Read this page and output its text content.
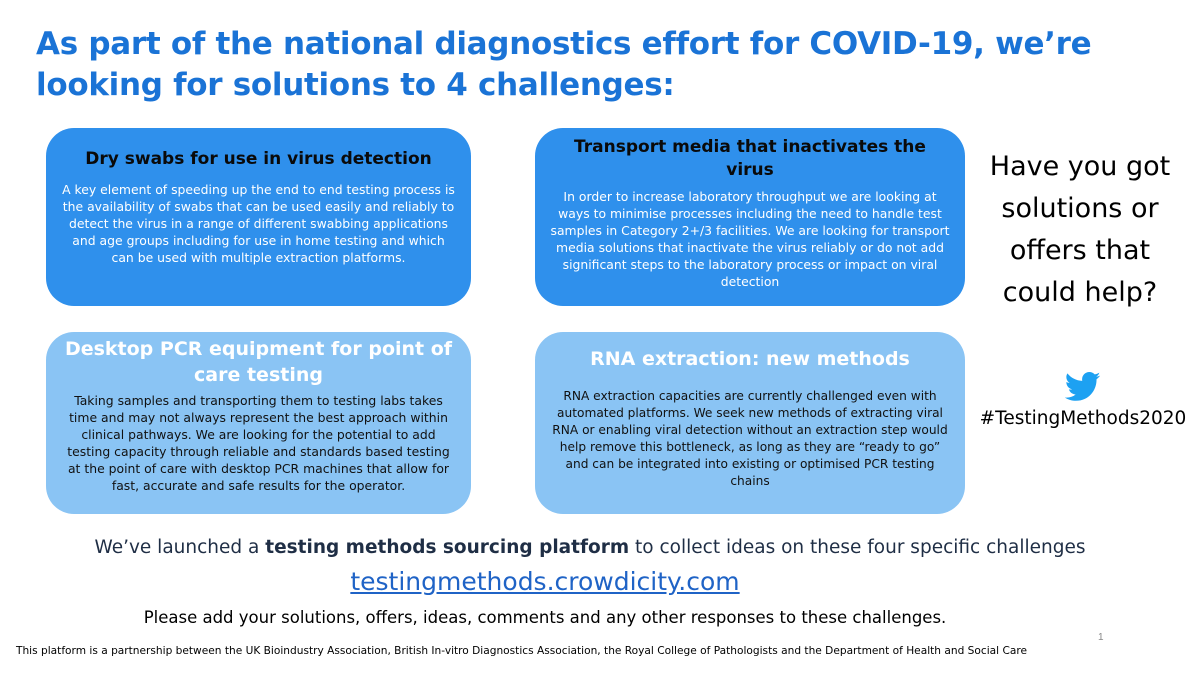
As part of the national diagnostics effort for COVID-19, we’re looking for solutions to 4 challenges:

Dry swabs for use in virus detection

A key element of speeding up the end to end testing process is the availability of swabs that can be used easily and reliably to detect the virus in a range of different swabbing applications and age groups including for use in home testing and which can be used with multiple extraction platforms.

Transport media that inactivates the virus

In order to increase laboratory throughput we are looking at ways to minimise processes including the need to handle test samples in Category 2+/3 facilities. We are looking for transport media solutions that inactivate the virus reliably or do not add significant steps to the laboratory process or impact on viral detection

Desktop PCR equipment for point of care testing

Taking samples and transporting them to testing labs takes time and may not always represent the best approach within clinical pathways. We are looking for the potential to add testing capacity through reliable and standards based testing at the point of care with desktop PCR machines that allow for fast, accurate and safe results for the operator.

RNA extraction: new methods

RNA extraction capacities are currently challenged even with automated platforms. We seek new methods of extracting viral RNA or enabling viral detection without an extraction step would help remove this bottleneck, as long as they are “ready to go” and can be integrated into existing or optimised PCR testing chains

Have you got solutions or offers that could help?

#TestingMethods2020
We’ve launched a testing methods sourcing platform to collect ideas on these four specific challenges
testingmethods.crowdicity.com
Please add your solutions, offers, ideas, comments and any other responses to these challenges.
1
This platform is a partnership between the UK Bioindustry Association, British In-vitro Diagnostics Association, the Royal College of Pathologists and the Department of Health and Social Care
